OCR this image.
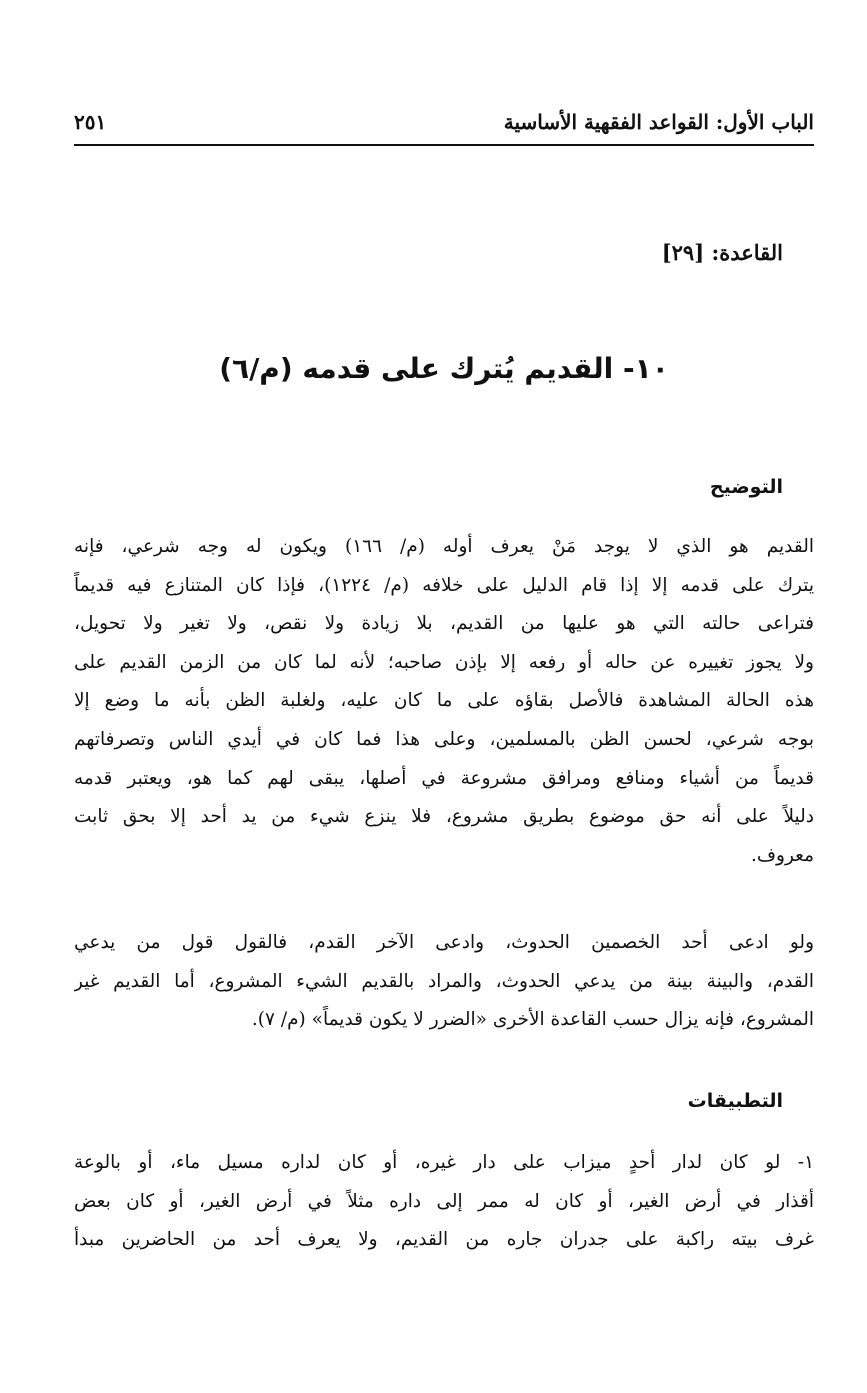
الباب الأول: القواعد الفقهية الأساسية
٢٥١
القاعدة: [٢٩]
١٠- القديم يُترك على قدمه (م/٦)
التوضيح
القديم هو الذي لا يوجد مَنْ يعرف أوله (م/ ١٦٦) ويكون له وجه شرعي، فإنه
يترك على قدمه إلا إذا قام الدليل على خلافه (م/ ١٢٢٤)، فإذا كان المتنازع فيه قديماً
فتراعى حالته التي هو عليها من القديم، بلا زيادة ولا نقص، ولا تغير ولا تحويل،
ولا يجوز تغييره عن حاله أو رفعه إلا بإذن صاحبه؛ لأنه لما كان من الزمن القديم على
هذه الحالة المشاهدة فالأصل بقاؤه على ما كان عليه، ولغلبة الظن بأنه ما وضع إلا
بوجه شرعي، لحسن الظن بالمسلمين، وعلى هذا فما كان في أيدي الناس وتصرفاتهم
قديماً من أشياء ومنافع ومرافق مشروعة في أصلها، يبقى لهم كما هو، ويعتبر قدمه
دليلاً على أنه حق موضوع بطريق مشروع، فلا ينزع شيء من يد أحد إلا بحق ثابت
معروف.
ولو ادعى أحد الخصمين الحدوث، وادعى الآخر القدم، فالقول قول من يدعي
القدم، والبينة بينة من يدعي الحدوث، والمراد بالقديم الشيء المشروع، أما القديم غير
المشروع، فإنه يزال حسب القاعدة الأخرى «الضرر لا يكون قديماً» (م/ ٧).
التطبيقات
١- لو كان لدار أحدٍ ميزاب على دار غيره، أو كان لداره مسيل ماء، أو بالوعة
أقذار في أرض الغير، أو كان له ممر إلى داره مثلاً في أرض الغير، أو كان بعض
غرف بيته راكبة على جدران جاره من القديم، ولا يعرف أحد من الحاضرين مبدأ
